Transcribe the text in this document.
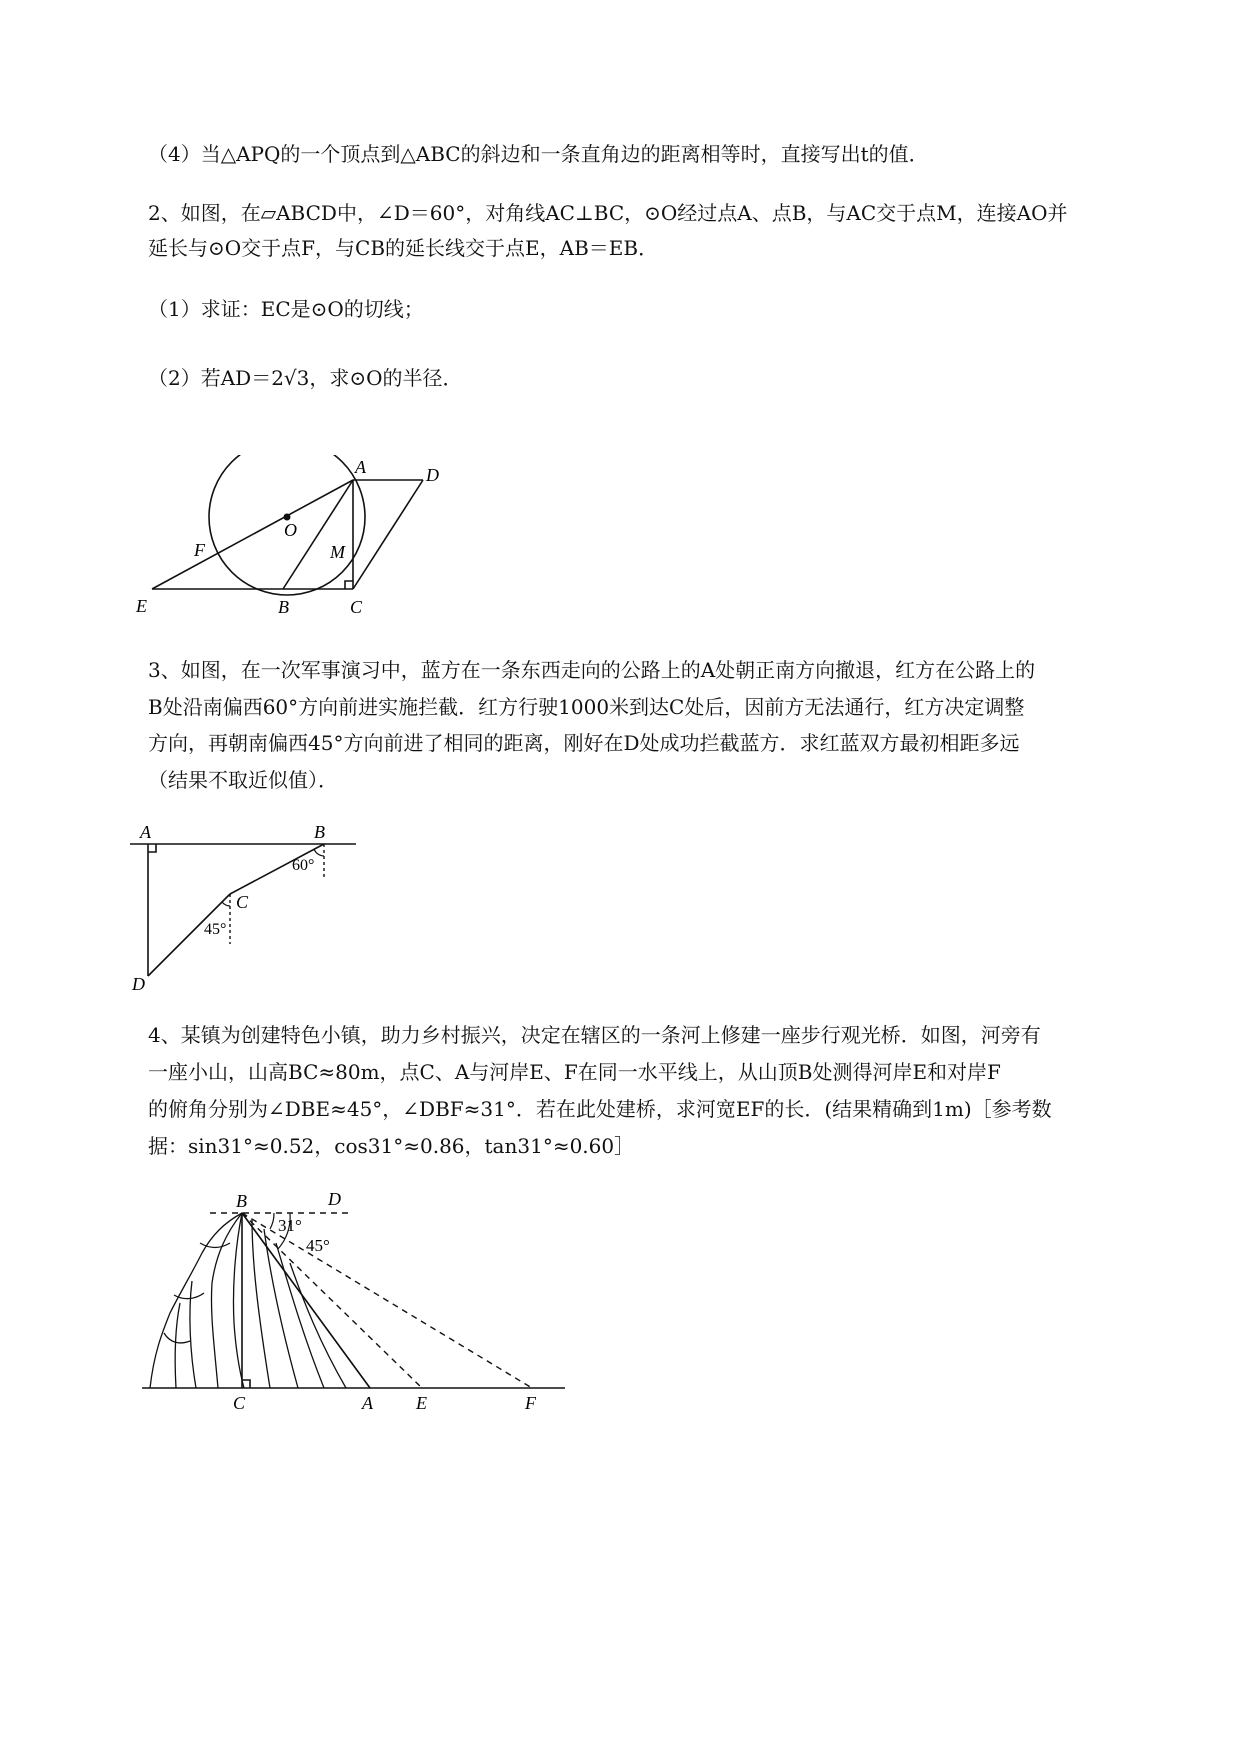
（4）当△APQ的一个顶点到△ABC的斜边和一条直角边的距离相等时，直接写出t的值．
2、如图，在▱ABCD中，∠D＝60°，对角线AC⊥BC，⊙O经过点A、点B，与AC交于点M，连接AO并
延长与⊙O交于点F，与CB的延长线交于点E，AB＝EB．
（1）求证：EC是⊙O的切线；
（2）若AD＝2√3，求⊙O的半径．
A	D
O
F	M
E	B	C
3、如图，在一次军事演习中，蓝方在一条东西走向的公路上的A处朝正南方向撤退，红方在公路上的
B处沿南偏西60°方向前进实施拦截．红方行驶1000米到达C处后，因前方无法通行，红方决定调整
方向，再朝南偏西45°方向前进了相同的距离，刚好在D处成功拦截蓝方．求红蓝双方最初相距多远
（结果不取近似值）．
A	B
60°
C
45°
D
4、某镇为创建特色小镇，助力乡村振兴，决定在辖区的一条河上修建一座步行观光桥．如图，河旁有
一座小山，山高BC≈80m，点C、A与河岸E、F在同一水平线上，从山顶B处测得河岸E和对岸F
的俯角分别为∠DBE≈45°，∠DBF≈31°．若在此处建桥，求河宽EF的长．(结果精确到1m)［参考数
据：sin31°≈0.52，cos31°≈0.86，tan31°≈0.60］
B	D
31°
45°
C	A E	F
